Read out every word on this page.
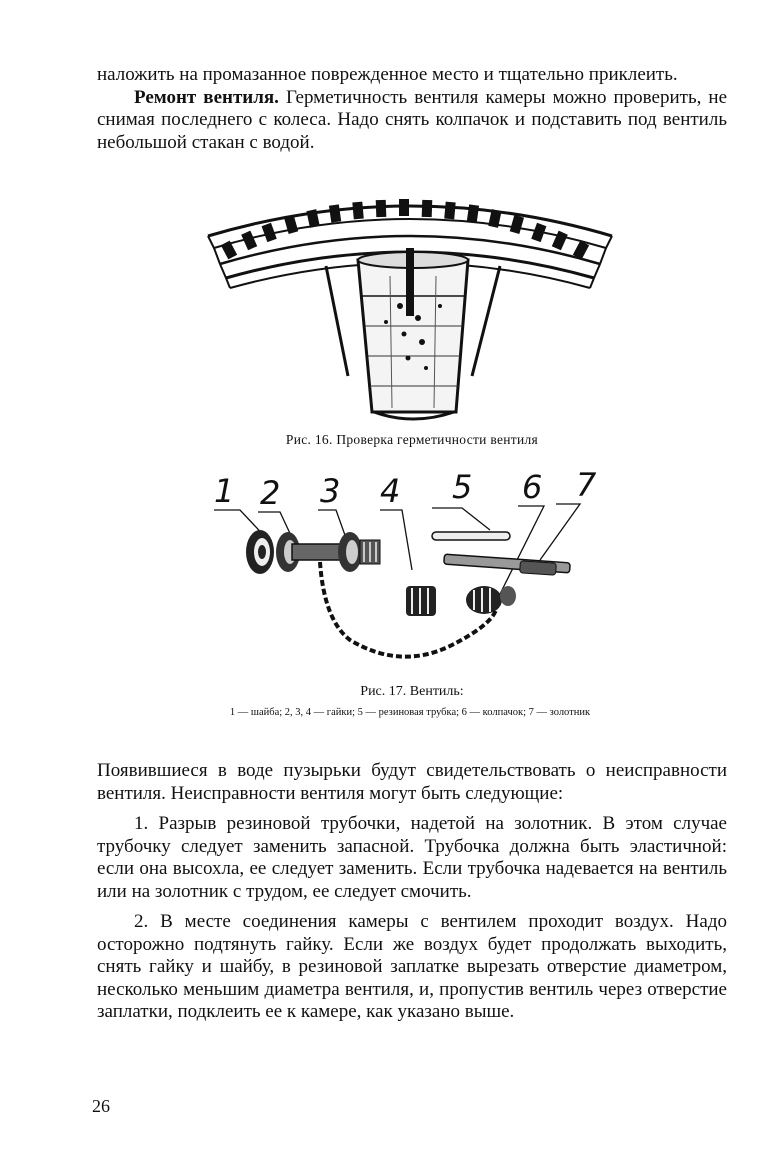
наложить на промазанное поврежденное место и тщательно приклеить.

Ремонт вентиля. Герметичность вентиля камеры можно проверить, не снимая последнего с колеса. Надо снять колпачок и подставить под вентиль небольшой стакан с водой.

Рис. 16. Проверка герметичности вентиля
1 2 3 4 5 6 7
Рис. 17. Вентиль:
1 — шайба; 2, 3, 4 — гайки; 5 — резиновая трубка; 6 — колпачок; 7 — золотник

Появившиеся в воде пузырьки будут свидетельствовать о неисправности вентиля. Неисправности вентиля могут быть следующие:

1. Разрыв резиновой трубочки, надетой на золотник. В этом случае трубочку следует заменить запасной. Трубочка должна быть эластичной: если она высохла, ее следует заменить. Если трубочка надевается на вентиль или на золотник с трудом, ее следует смочить.

2. В месте соединения камеры с вентилем проходит воздух. Надо осторожно подтянуть гайку. Если же воздух будет продолжать выходить, снять гайку и шайбу, в резиновой заплатке вырезать отверстие диаметром, несколько меньшим диаметра вентиля, и, пропустив вентиль через отверстие заплатки, подклеить ее к камере, как указано выше.

26
